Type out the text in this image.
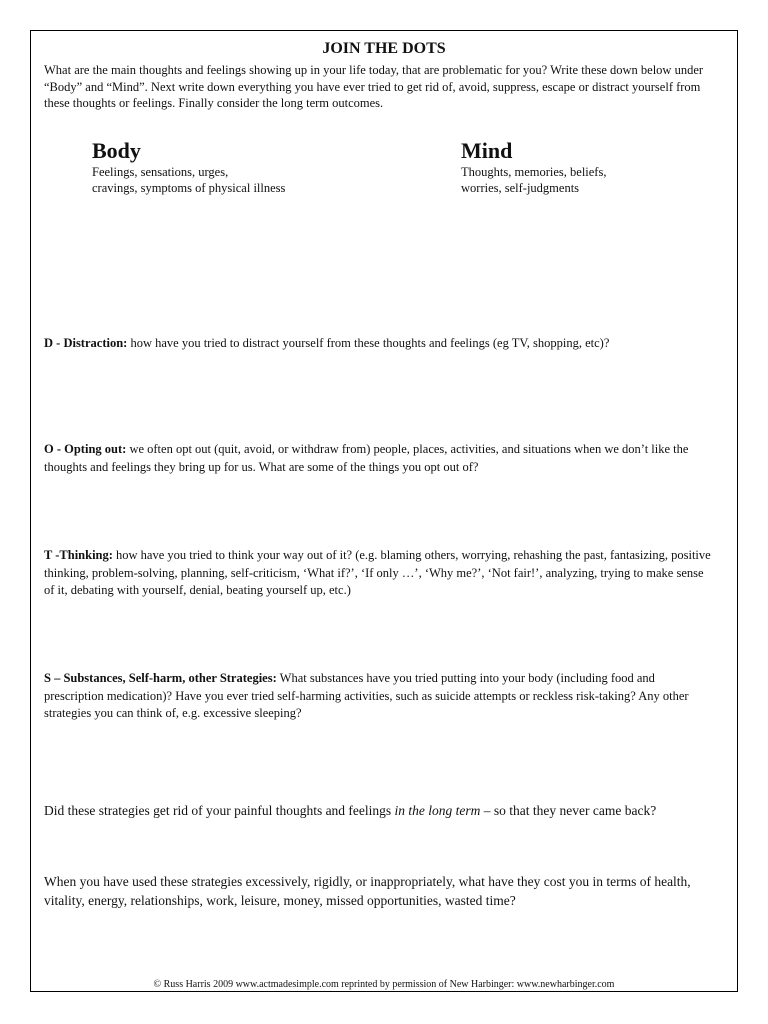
JOIN THE DOTS
What are the main thoughts and feelings showing up in your life today, that are problematic for you? Write these down below under “Body” and “Mind”. Next write down everything you have ever tried to get rid of, avoid, suppress, escape or distract yourself from these thoughts or feelings. Finally consider the long term outcomes.
Body
Feelings, sensations, urges,
cravings, symptoms of physical illness
Mind
Thoughts, memories, beliefs,
worries, self-judgments
D - Distraction: how have you tried to distract yourself from these thoughts and feelings (eg TV, shopping, etc)?
O - Opting out: we often opt out (quit, avoid, or withdraw from) people, places, activities, and situations when we don’t like the thoughts and feelings they bring up for us. What are some of the things you opt out of?
T -Thinking: how have you tried to think your way out of it? (e.g. blaming others, worrying, rehashing the past, fantasizing, positive thinking, problem-solving, planning, self-criticism, ‘What if?’, ‘If only …’, ‘Why me?’, ‘Not fair!’, analyzing, trying to make sense of it, debating with yourself, denial, beating yourself up, etc.)
S – Substances, Self-harm, other Strategies: What substances have you tried putting into your body (including food and prescription medication)? Have you ever tried self-harming activities, such as suicide attempts or reckless risk-taking? Any other strategies you can think of, e.g. excessive sleeping?
Did these strategies get rid of your painful thoughts and feelings in the long term – so that they never came back?
When you have used these strategies excessively, rigidly, or inappropriately, what have they cost you in terms of health, vitality, energy, relationships, work, leisure, money, missed opportunities, wasted time?
© Russ Harris 2009 www.actmadesimple.com reprinted by permission of New Harbinger: www.newharbinger.com
